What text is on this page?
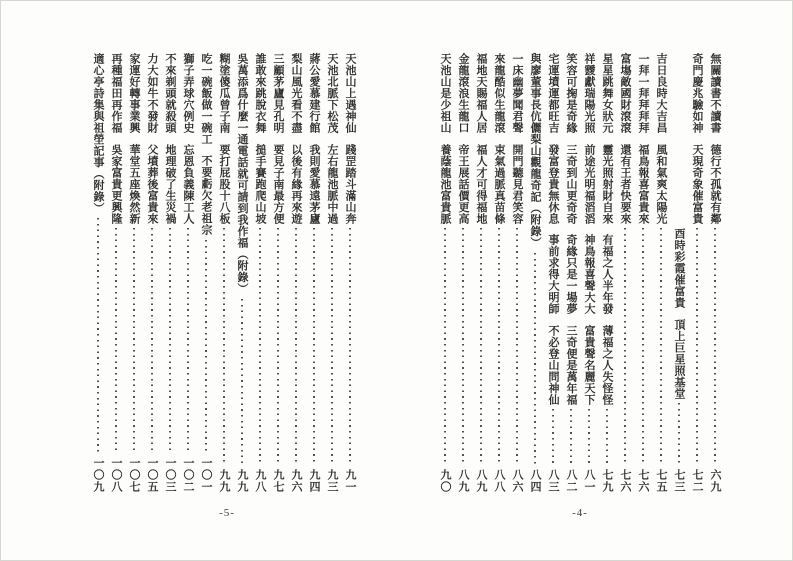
無關讀書不讀書
德行不孤就有鄰
六九
奇門慶兆驗如神
天現奇象催富貴
七二
酉時彩霞催富貴
頂上巨星照基堂
七三
吉日良時大吉昌
風和氣爽太陽光
七五
一拜一拜拜拜拜
福鳥報喜富貴來
七六
富塲敵國財滾滾
還有王者快要來
七六
星星跳舞女狀元
靈光照射財自來
有福之人半年發
薄福之人失怪怪
七九
祥靉獻瑞陽光照
前途光明福滔滔
神鳥報喜聲大大
富貴聲名麗天下
八一
笑容可掬是奇緣
三奇到山更奇奇
奇緣只是一場夢
三奇便是萬年福
八二
宅運墳運都旺吉
發富登貴無休息
事前求得大明師
不必登山問神仙
八三
與廖董事長伉儷梨山觀龍奇記（附錄）
八四
一床幽夢聞君聲
開門聽見君笑容
八六
來龍酷似生龍滾
束氣過脈真苗條
八八
福地天賜福人居
福人才可得福地
八九
金龍滾浪生龍口
帝王展話價更高
八九
天池山是少祖山
養蔭龍池富貴脈
九〇
天池山上遇神仙
踐罡踏斗滿山奔
九一
天池北脈下松茂
左右龍池脈中過
九三
蔣公愛慕建行館
我則愛慕遠茅廬
九四
梨山風光看不盡
以後有緣再來遊
九六
三顧茅廬見孔明
要見子南最方便
九七
誰敢來跳脫衣舞
搥手賽跑爬山坡
九八
吳萬添爲什麼一通電話就可請到我作福（附錄）
九九
糊塗傻瓜曾子南
要打屁股十八板
九九
吃一碗飯做一碗工
不要虧欠老祖宗
一〇一
獅子弄球穴例史
忘恩負義陳工人
一〇二
不來剃頭就殺頭
地理破了生災禍
一〇三
力大如牛不發財
父墳葬後富貴來
一〇五
家運好轉事業興
華堂五座煥然新
一〇七
再種福田再作福
吳家富貴更興隆
一〇八
適心亭詩集與祖塋記事（附錄）
一〇九
-4-
-5-
